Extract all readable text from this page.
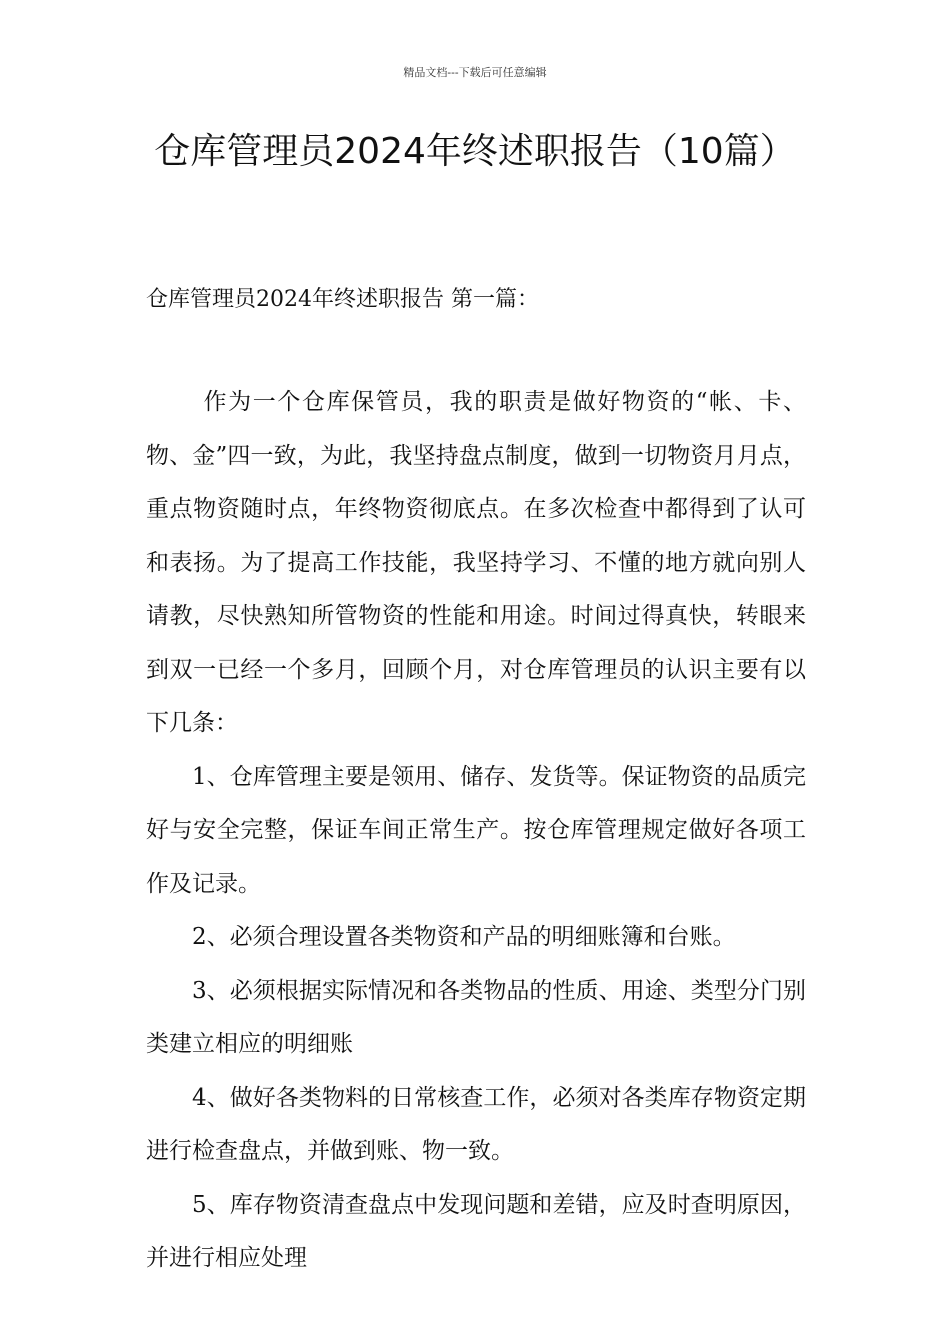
精品文档---下载后可任意编辑
仓库管理员2024年终述职报告（10篇）
仓库管理员2024年终述职报告 第一篇：

作为一个仓库保管员，我的职责是做好物资的“帐、卡、物、金”四一致，为此，我坚持盘点制度，做到一切物资月月点，重点物资随时点，年终物资彻底点。在多次检查中都得到了认可和表扬。为了提高工作技能，我坚持学习、不懂的地方就向别人请教，尽快熟知所管物资的性能和用途。时间过得真快，转眼来到双一已经一个多月，回顾个月，对仓库管理员的认识主要有以下几条：

1、仓库管理主要是领用、储存、发货等。保证物资的品质完好与安全完整，保证车间正常生产。按仓库管理规定做好各项工作及记录。

2、必须合理设置各类物资和产品的明细账簿和台账。

3、必须根据实际情况和各类物品的性质、用途、类型分门别类建立相应的明细账

4、做好各类物料的日常核查工作，必须对各类库存物资定期进行检查盘点，并做到账、物一致。

5、库存物资清查盘点中发现问题和差错，应及时查明原因，并进行相应处理
